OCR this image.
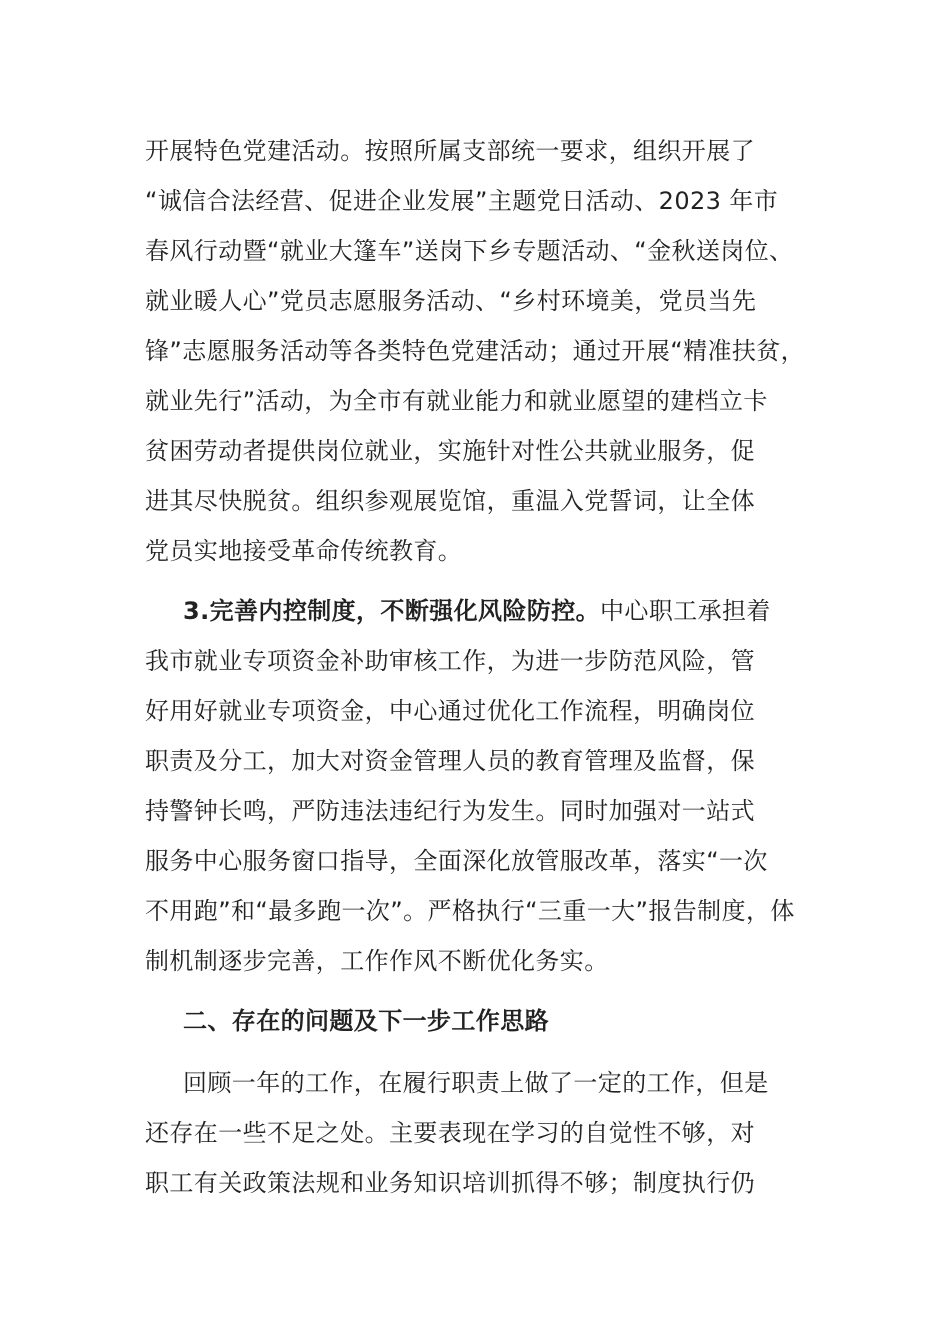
开展特色党建活动。按照所属支部统一要求，组织开展了
“诚信合法经营、促进企业发展”主题党日活动、2023 年市
春风行动暨“就业大篷车”送岗下乡专题活动、“金秋送岗位、
就业暖人心”党员志愿服务活动、“乡村环境美，党员当先
锋”志愿服务活动等各类特色党建活动；通过开展“精准扶贫，
就业先行”活动，为全市有就业能力和就业愿望的建档立卡
贫困劳动者提供岗位就业，实施针对性公共就业服务，促
进其尽快脱贫。组织参观展览馆，重温入党誓词，让全体
党员实地接受革命传统教育。
3.完善内控制度，不断强化风险防控。中心职工承担着
我市就业专项资金补助审核工作，为进一步防范风险，管
好用好就业专项资金，中心通过优化工作流程，明确岗位
职责及分工，加大对资金管理人员的教育管理及监督，保
持警钟长鸣，严防违法违纪行为发生。同时加强对一站式
服务中心服务窗口指导，全面深化放管服改革，落实“一次
不用跑”和“最多跑一次”。严格执行“三重一大”报告制度，体
制机制逐步完善，工作作风不断优化务实。
二、存在的问题及下一步工作思路
回顾一年的工作，在履行职责上做了一定的工作，但是
还存在一些不足之处。主要表现在学习的自觉性不够，对
职工有关政策法规和业务知识培训抓得不够；制度执行仍
